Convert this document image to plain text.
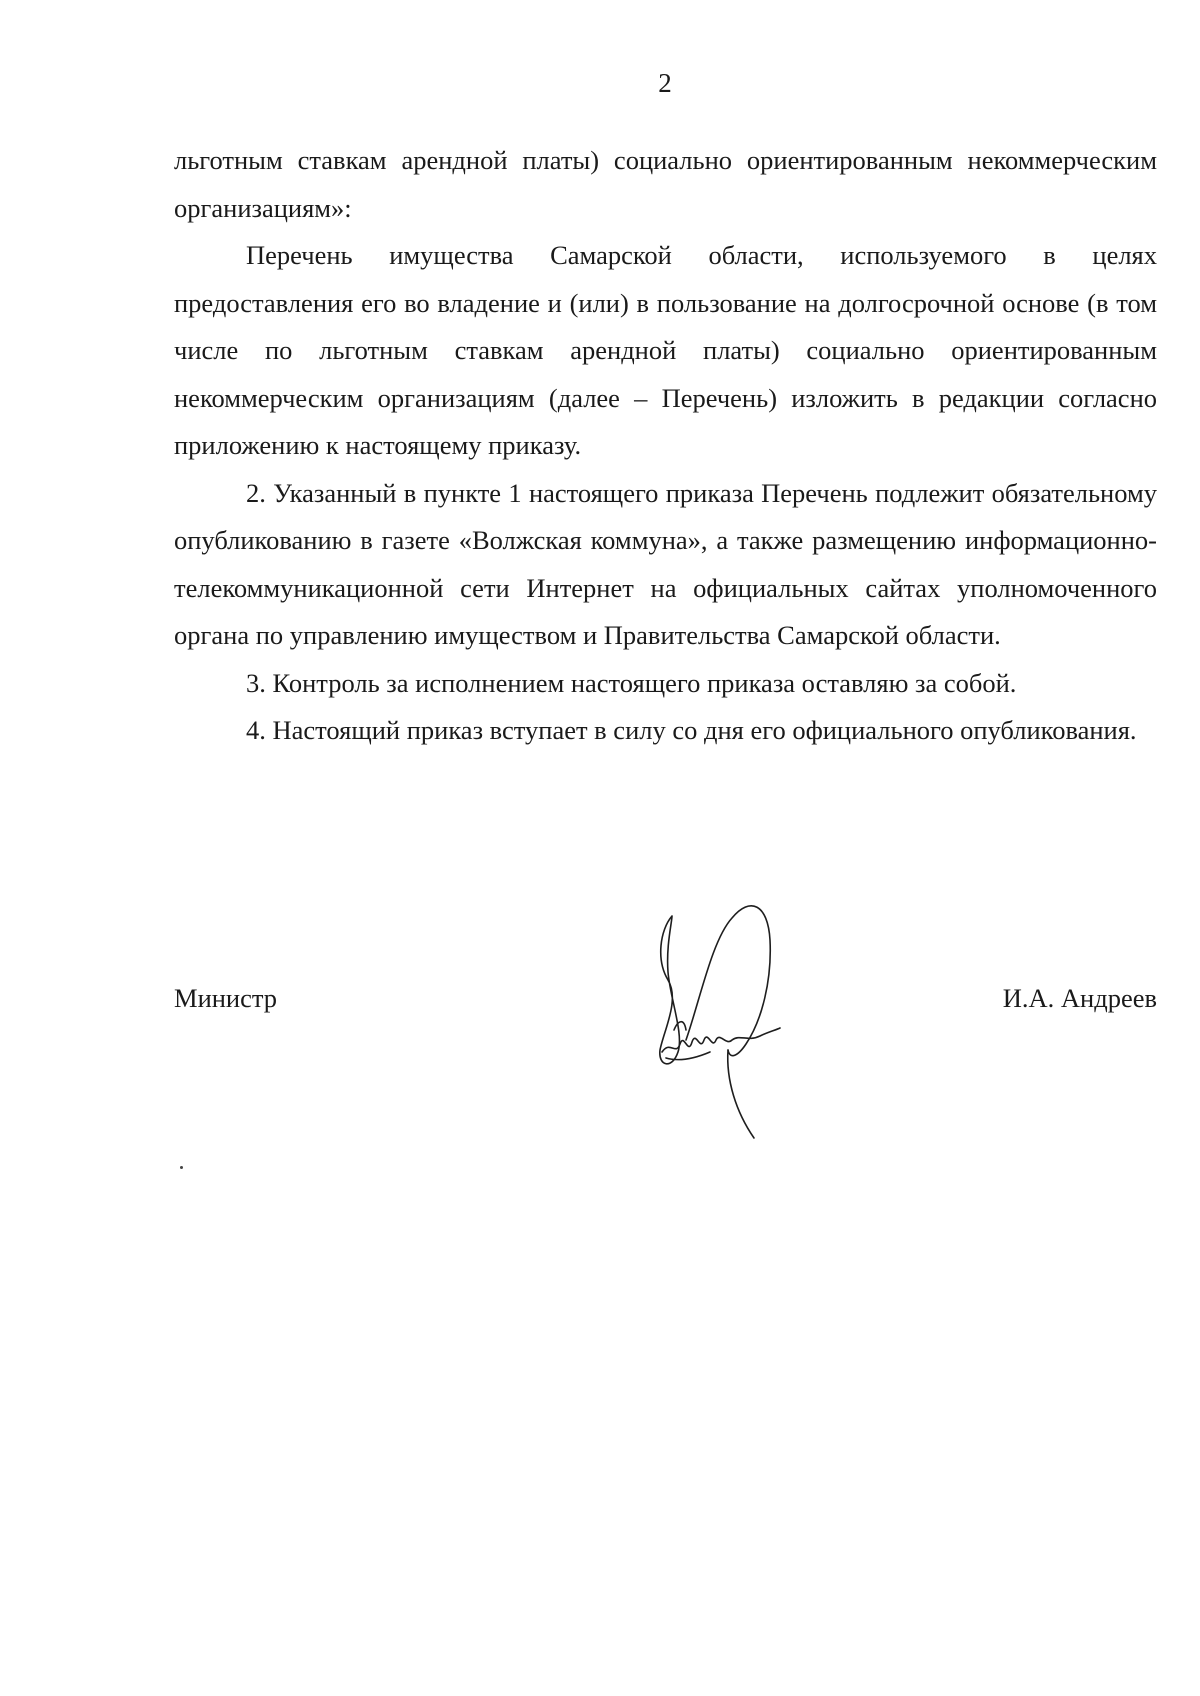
2

льготным ставкам арендной платы) социально ориентированным некоммерческим организациям»:

Перечень имущества Самарской области, используемого в целях предоставления его во владение и (или) в пользование на долгосрочной основе (в том числе по льготным ставкам арендной платы) социально ориентированным некоммерческим организациям (далее – Перечень) изложить в редакции согласно приложению к настоящему приказу.

2. Указанный в пункте 1 настоящего приказа Перечень подлежит обязательному опубликованию в газете «Волжская коммуна», а также размещению информационно-телекоммуникационной сети Интернет на официальных сайтах уполномоченного органа по управлению имуществом и Правительства Самарской области.

3. Контроль за исполнением настоящего приказа оставляю за собой.

4. Настоящий приказ вступает в силу со дня его официального опубликования.

Министр	И.А. Андреев
